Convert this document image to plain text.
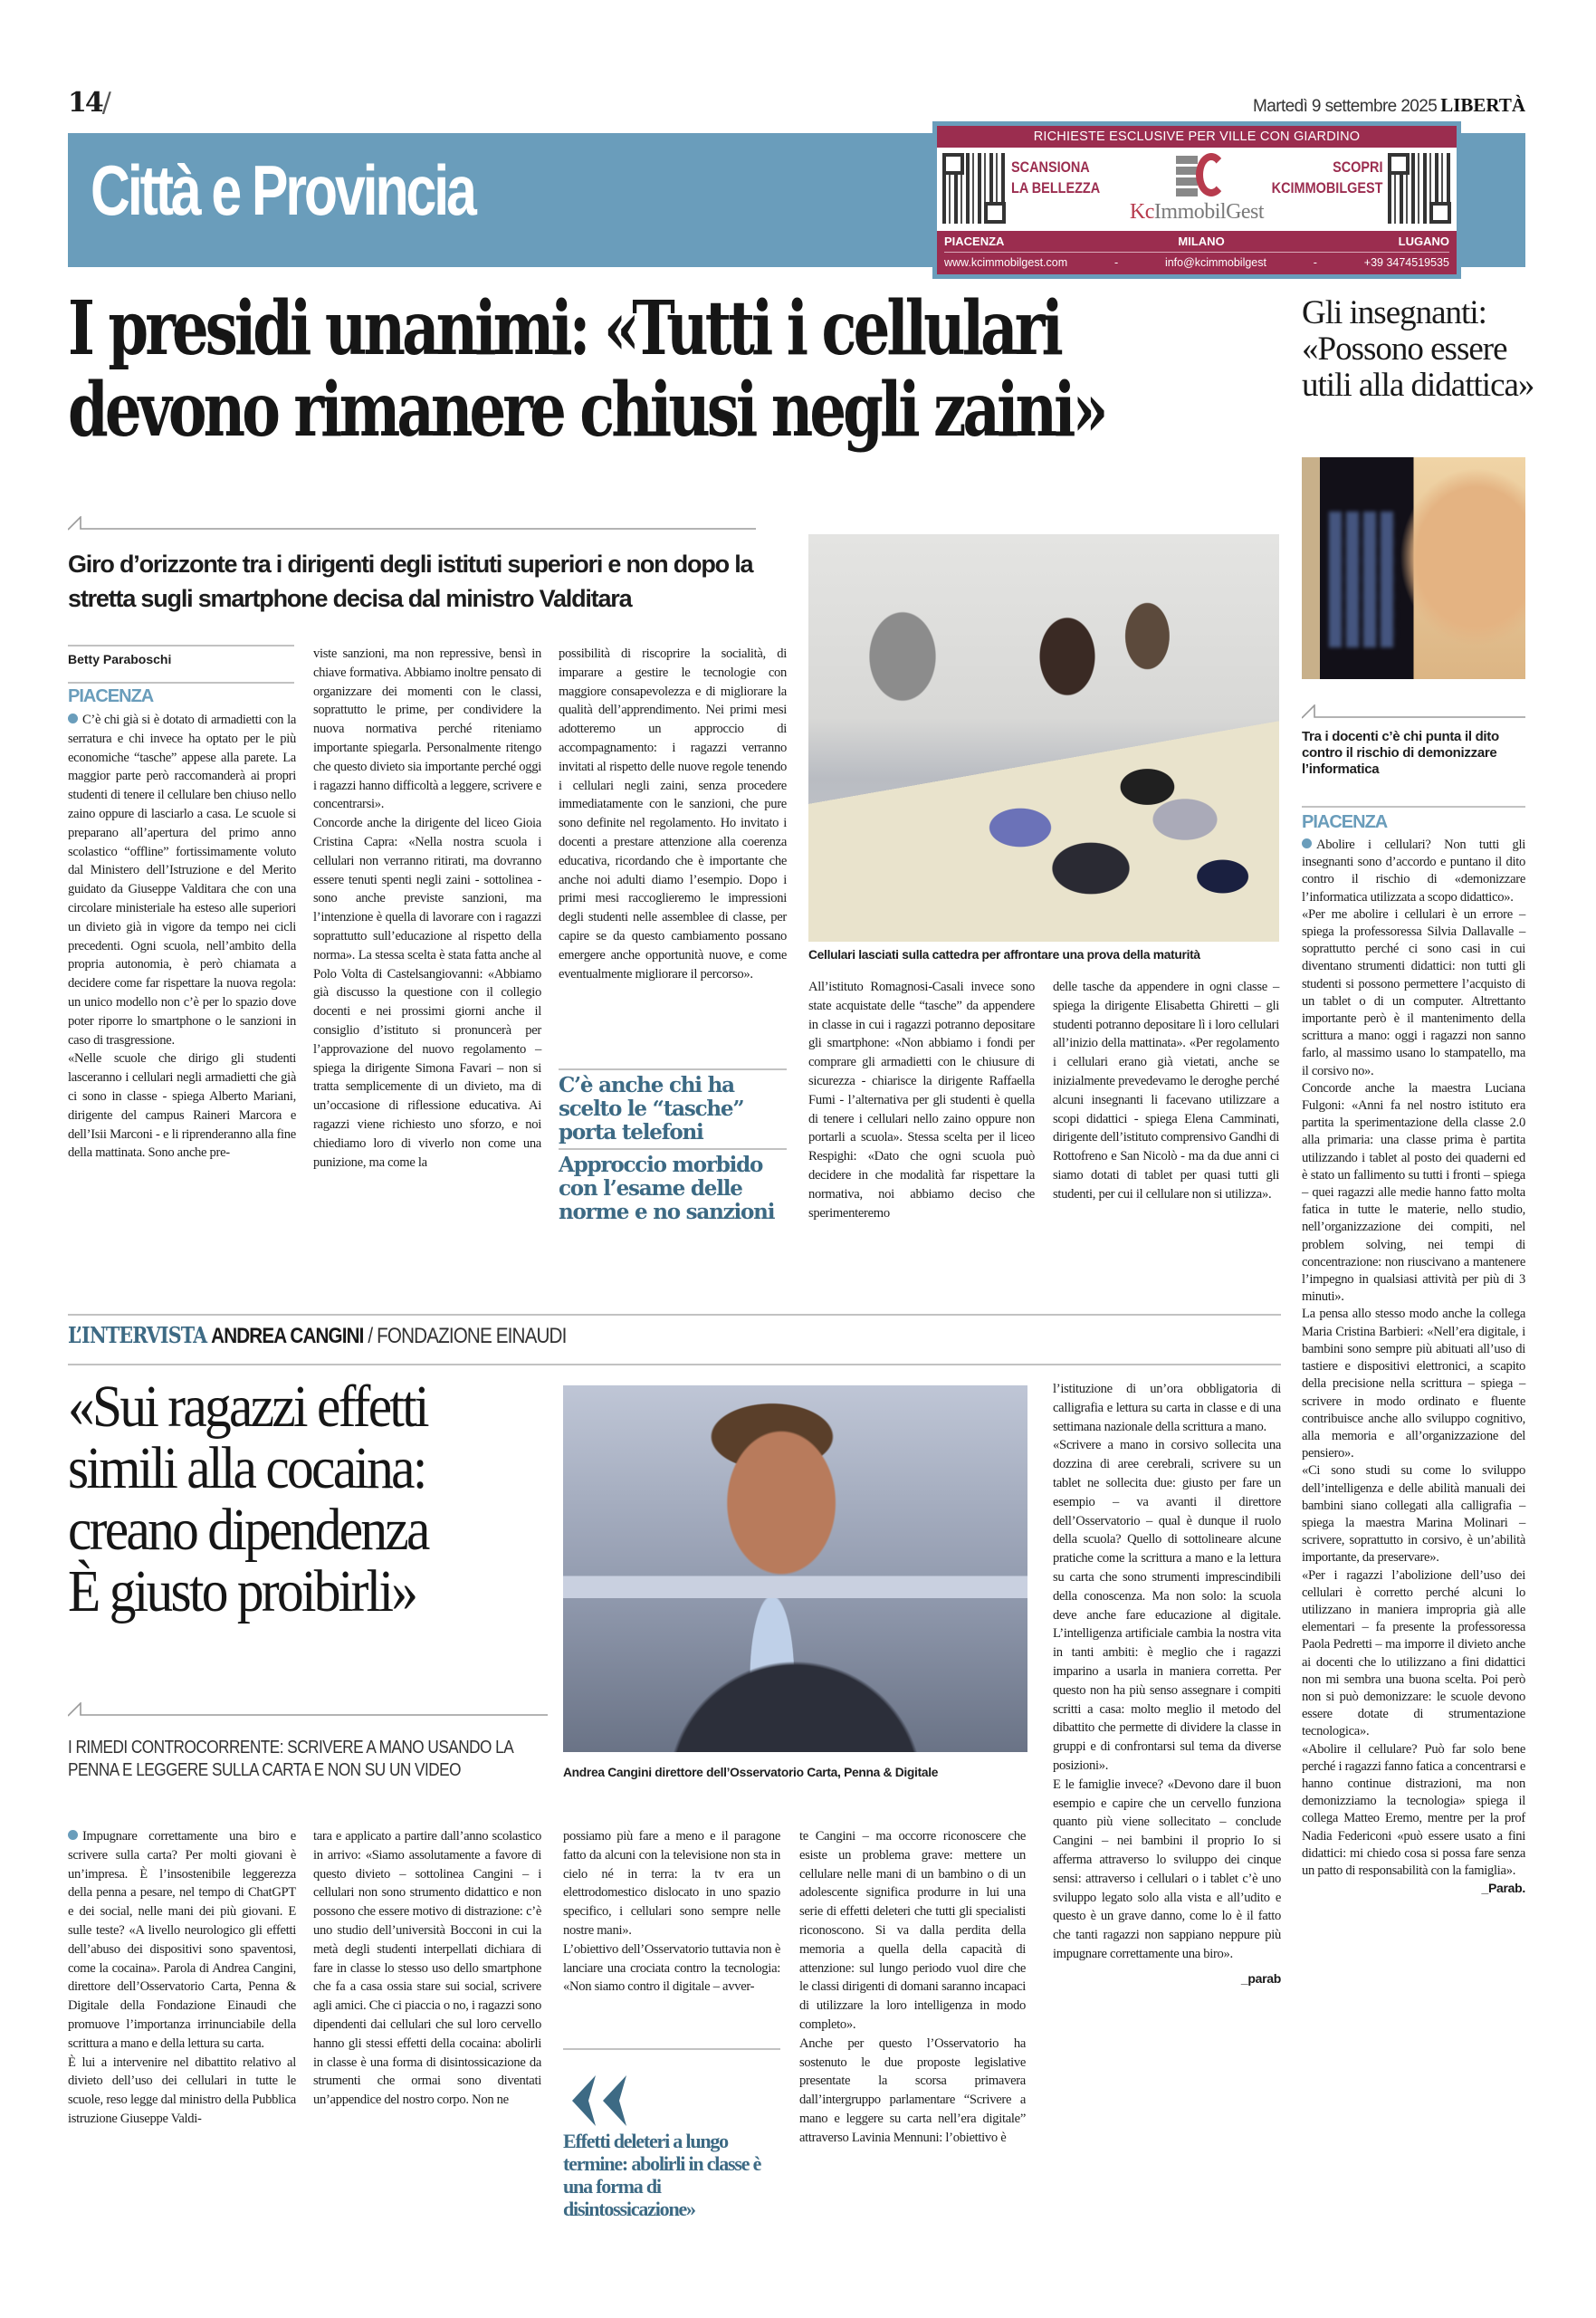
14/	Martedì 9 settembre 2025 LIBERTÀ
Città e Provincia
RICHIESTE ESCLUSIVE PER VILLE CON GIARDINO
SCANSIONA
LA BELLEZZA
KcImmobilGest
SCOPRI
KCIMMOBILGEST
PIACENZA	MILANO	LUGANO
www.kcimmobilgest.com	-	info@kcimmobilgest	-	+39 3474519535
I presidi unanimi: «Tutti i cellulari
devono rimanere chiusi negli zaini»
Gli insegnanti: «Possono essere utili alla didattica»
Giro d’orizzonte tra i dirigenti degli istituti superiori e non dopo la stretta sugli smartphone decisa dal ministro Valditara
Betty Paraboschi
PIACENZA

C’è chi già si è dotato di armadietti con la serratura e chi invece ha optato per le più economiche “tasche” appese alla parete. La maggior parte però raccomanderà ai propri studenti di tenere il cellulare ben chiuso nello zaino oppure di lasciarlo a casa. Le scuole si preparano all’apertura del primo anno scolastico “offline” fortissimamente voluto dal Ministero dell’Istruzione e del Merito guidato da Giuseppe Valditara che con una circolare ministeriale ha esteso alle superiori un divieto già in vigore da tempo nei cicli precedenti. Ogni scuola, nell’ambito della propria autonomia, è però chiamata a decidere come far rispettare la nuova regola: un unico modello non c’è per lo spazio dove poter riporre lo smartphone o le sanzioni in caso di trasgressione.

«Nelle scuole che dirigo gli studenti lasceranno i cellulari negli armadietti che già ci sono in classe - spiega Alberto Mariani, dirigente del campus Raineri Marcora e dell’Isii Marconi - e li riprenderanno alla fine della mattinata. Sono anche pre-

viste sanzioni, ma non repressive, bensì in chiave formativa. Abbiamo inoltre pensato di organizzare dei momenti con le classi, soprattutto le prime, per condividere la nuova normativa perché riteniamo importante spiegarla. Personalmente ritengo che questo divieto sia importante perché oggi i ragazzi hanno difficoltà a leggere, scrivere e concentrarsi».

Concorde anche la dirigente del liceo Gioia Cristina Capra: «Nella nostra scuola i cellulari non verranno ritirati, ma dovranno essere tenuti spenti negli zaini - sottolinea - sono anche previste sanzioni, ma l’intenzione è quella di lavorare con i ragazzi soprattutto sull’educazione al rispetto della norma». La stessa scelta è stata fatta anche al Polo Volta di Castelsangiovanni: «Abbiamo già discusso la questione con il collegio docenti e nei prossimi giorni anche il consiglio d’istituto si pronuncerà per l’approvazione del nuovo regolamento – spiega la dirigente Simona Favari – non si tratta semplicemente di un divieto, ma di un’occasione di riflessione educativa. Ai ragazzi viene richiesto uno sforzo, e noi chiediamo loro di viverlo non come una punizione, ma come la

possibilità di riscoprire la socialità, di imparare a gestire le tecnologie con maggiore consapevolezza e di migliorare la qualità dell’apprendimento. Nei primi mesi adotteremo un approccio di accompagnamento: i ragazzi verranno invitati al rispetto delle nuove regole tenendo i cellulari negli zaini, senza procedere immediatamente con le sanzioni, che pure sono definite nel regolamento. Ho invitato i docenti a prestare attenzione alla coerenza educativa, ricordando che è importante che anche noi adulti diamo l’esempio. Dopo i primi mesi raccoglieremo le impressioni degli studenti nelle assemblee di classe, per capire se da questo cambiamento possano emergere anche opportunità nuove, e come eventualmente migliorare il percorso».

C’è anche chi ha scelto le “tasche” porta telefoni
Approccio morbido con l’esame delle norme e no sanzioni
Cellulari lasciati sulla cattedra per affrontare una prova della maturità

All’istituto Romagnosi-Casali invece sono state acquistate delle “tasche” da appendere in classe in cui i ragazzi potranno depositare gli smartphone: «Non abbiamo i fondi per comprare gli armadietti con le chiusure di sicurezza - chiarisce la dirigente Raffaella Fumi - l’alternativa per gli studenti è quella di tenere i cellulari nello zaino oppure non portarli a scuola». Stessa scelta per il liceo Respighi: «Dato che ogni scuola può decidere in che modalità far rispettare la normativa, noi abbiamo deciso che sperimenteremo

delle tasche da appendere in ogni classe – spiega la dirigente Elisabetta Ghiretti – gli studenti potranno depositare lì i loro cellulari all’inizio della mattinata». «Per regolamento i cellulari erano già vietati, anche se inizialmente prevedevamo le deroghe perché alcuni insegnanti li facevano utilizzare a scopi didattici - spiega Elena Camminati, dirigente dell’istituto comprensivo Gandhi di Rottofreno e San Nicolò - ma da due anni ci siamo dotati di tablet per quasi tutti gli studenti, per cui il cellulare non si utilizza».

Tra i docenti c’è chi punta il dito contro il rischio di demonizzare l’informatica
PIACENZA

Abolire i cellulari? Non tutti gli insegnanti sono d’accordo e puntano il dito contro il rischio di «demonizzare l’informatica utilizzata a scopo didattico».

«Per me abolire i cellulari è un errore – spiega la professoressa Silvia Dallavalle – soprattutto perché ci sono casi in cui diventano strumenti didattici: non tutti gli studenti si possono permettere l’acquisto di un tablet o di un computer. Altrettanto importante però è il mantenimento della scrittura a mano: oggi i ragazzi non sanno farlo, al massimo usano lo stampatello, ma il corsivo no».

Concorde anche la maestra Luciana Fulgoni: «Anni fa nel nostro istituto era partita la sperimentazione della classe 2.0 alla primaria: una classe prima è partita utilizzando i tablet al posto dei quaderni ed è stato un fallimento su tutti i fronti – spiega – quei ragazzi alle medie hanno fatto molta fatica in tutte le materie, nello studio, nell’organizzazione dei compiti, nel problem solving, nei tempi di concentrazione: non riuscivano a mantenere l’impegno in qualsiasi attività per più di 3 minuti».

La pensa allo stesso modo anche la collega Maria Cristina Barbieri: «Nell’era digitale, i bambini sono sempre più abituati all’uso di tastiere e dispositivi elettronici, a scapito della precisione nella scrittura – spiega – scrivere in modo ordinato e fluente contribuisce anche allo sviluppo cognitivo, alla memoria e all’organizzazione del pensiero».

«Ci sono studi su come lo sviluppo dell’intelligenza e delle abilità manuali dei bambini siano collegati alla calligrafia – spiega la maestra Marina Molinari – scrivere, soprattutto in corsivo, è un’abilità importante, da preservare».

«Per i ragazzi l’abolizione dell’uso dei cellulari è corretto perché alcuni lo utilizzano in maniera impropria già alle elementari – fa presente la professoressa Paola Pedretti – ma imporre il divieto anche ai docenti che lo utilizzano a fini didattici non mi sembra una buona scelta. Poi però non si può demonizzare: le scuole devono essere dotate di strumentazione tecnologica».

«Abolire il cellulare? Può far solo bene perché i ragazzi fanno fatica a concentrarsi e hanno continue distrazioni, ma non demonizziamo la tecnologia» spiega il collega Matteo Eremo, mentre per la prof Nadia Federiconi «può essere usato a fini didattici: mi chiedo cosa si possa fare senza un patto di responsabilità con la famiglia».

_Parab.

L’INTERVISTA ANDREA CANGINI / FONDAZIONE EINAUDI
«Sui ragazzi effetti
simili alla cocaina:
creano dipendenza
È giusto proibirli»
I RIMEDI CONTROCORRENTE: SCRIVERE A MANO USANDO LA PENNA E LEGGERE SULLA CARTA E NON SU UN VIDEO	Andrea Cangini direttore dell’Osservatorio Carta, Penna & Digitale

Impugnare correttamente una biro e scrivere sulla carta? Per molti giovani è un’impresa. È l’insostenibile leggerezza della penna a pesare, nel tempo di ChatGPT e dei social, nelle mani dei più giovani. E sulle teste? «A livello neurologico gli effetti dell’abuso dei dispositivi sono spaventosi, come la cocaina». Parola di Andrea Cangini, direttore dell’Osservatorio Carta, Penna & Digitale della Fondazione Einaudi che promuove l’importanza irrinunciabile della scrittura a mano e della lettura su carta.

È lui a intervenire nel dibattito relativo al divieto dell’uso dei cellulari in tutte le scuole, reso legge dal ministro della Pubblica istruzione Giuseppe Valdi-

tara e applicato a partire dall’anno scolastico in arrivo: «Siamo assolutamente a favore di questo divieto – sottolinea Cangini – i cellulari non sono strumento didattico e non possono che essere motivo di distrazione: c’è uno studio dell’università Bocconi in cui la metà degli studenti interpellati dichiara di fare in classe lo stesso uso dello smartphone che fa a casa ossia stare sui social, scrivere agli amici. Che ci piaccia o no, i ragazzi sono dipendenti dai cellulari che sul loro cervello hanno gli stessi effetti della cocaina: abolirli in classe è una forma di disintossicazione da strumenti che ormai sono diventati un’appendice del nostro corpo. Non ne

possiamo più fare a meno e il paragone fatto da alcuni con la televisione non sta in cielo né in terra: la tv era un elettrodomestico dislocato in uno spazio specifico, i cellulari sono sempre nelle nostre mani».

L’obiettivo dell’Osservatorio tuttavia non è lanciare una crociata contro la tecnologia: «Non siamo contro il digitale – avver-

Effetti deleteri a lungo termine: abolirli in classe è una forma di disintossicazione»

te Cangini – ma occorre riconoscere che esiste un problema grave: mettere un cellulare nelle mani di un bambino o di un adolescente significa produrre in lui una serie di effetti deleteri che tutti gli specialisti riconoscono. Si va dalla perdita della memoria a quella della capacità di attenzione: sul lungo periodo vuol dire che le classi dirigenti di domani saranno incapaci di utilizzare la loro intelligenza in modo completo».

Anche per questo l’Osservatorio ha sostenuto le due proposte legislative presentate la scorsa primavera dall’intergruppo parlamentare “Scrivere a mano e leggere su carta nell’era digitale” attraverso Lavinia Mennuni: l’obiettivo è

l’istituzione di un’ora obbligatoria di calligrafia e lettura su carta in classe e di una settimana nazionale della scrittura a mano.

«Scrivere a mano in corsivo sollecita una dozzina di aree cerebrali, scrivere su un tablet ne sollecita due: giusto per fare un esempio – va avanti il direttore dell’Osservatorio – qual è dunque il ruolo della scuola? Quello di sottolineare alcune pratiche come la scrittura a mano e la lettura su carta che sono strumenti imprescindibili della conoscenza. Ma non solo: la scuola deve anche fare educazione al digitale. L’intelligenza artificiale cambia la nostra vita in tanti ambiti: è meglio che i ragazzi imparino a usarla in maniera corretta. Per questo non ha più senso assegnare i compiti scritti a casa: molto meglio il metodo del dibattito che permette di dividere la classe in gruppi e di confrontarsi sul tema da diverse posizioni».

E le famiglie invece? «Devono dare il buon esempio e capire che un cervello funziona quanto più viene sollecitato – conclude Cangini – nei bambini il proprio Io si afferma attraverso lo sviluppo dei cinque sensi: attraverso i cellulari o i tablet c’è uno sviluppo legato solo alla vista e all’udito e questo è un grave danno, come lo è il fatto che tanti ragazzi non sappiano neppure più impugnare correttamente una biro».

_parab
